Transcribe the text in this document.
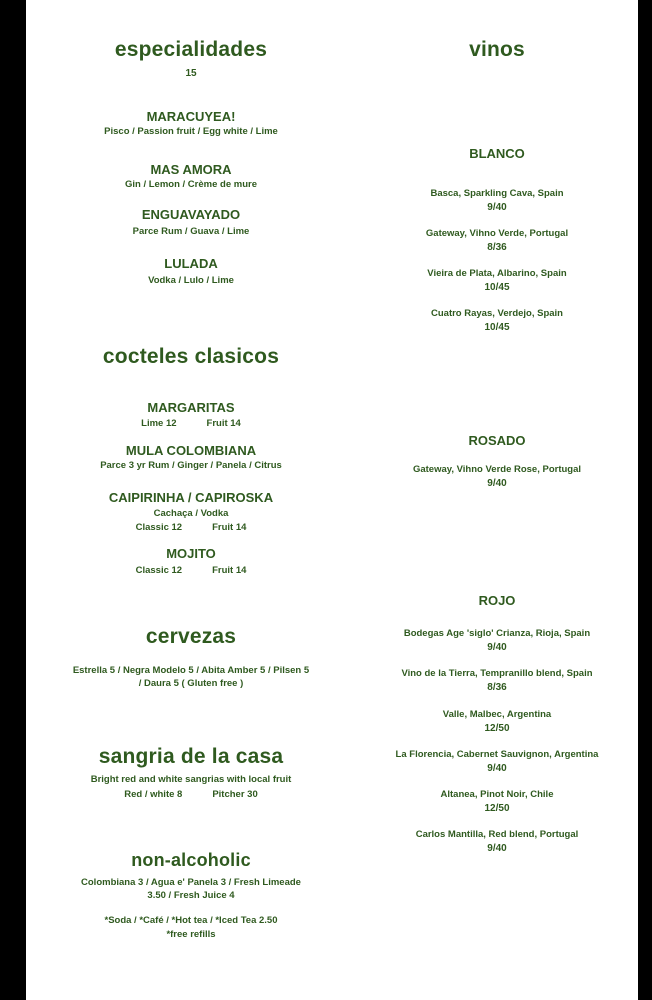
especialidades
15
MARACUYEA!
Pisco / Passion fruit / Egg white / Lime
MAS AMORA
Gin / Lemon / Crème de mure
ENGUAVAYADO
Parce Rum / Guava / Lime
LULADA
Vodka / Lulo / Lime
cocteles clasicos
MARGARITAS
Lime 12	Fruit 14
MULA COLOMBIANA
Parce 3 yr Rum / Ginger / Panela / Citrus
CAIPIRINHA / CAPIROSKA
Cachaça / Vodka
Classic 12	Fruit 14
MOJITO
Classic 12	Fruit 14
cervezas
Estrella 5 / Negra Modelo 5 / Abita Amber 5 / Pilsen 5
/ Daura 5 ( Gluten free )
sangria de la casa
Bright red and white sangrias with local fruit
Red / white 8	Pitcher 30
non-alcoholic
Colombiana 3 / Agua e' Panela 3 / Fresh Limeade
3.50 / Fresh Juice 4
*Soda / *Café / *Hot tea / *Iced Tea 2.50
*free refills
vinos
BLANCO
Basca, Sparkling Cava, Spain
9/40
Gateway, Vihno Verde, Portugal
8/36
Vieira de Plata, Albarino, Spain
10/45
Cuatro Rayas, Verdejo, Spain
10/45
ROSADO
Gateway, Vihno Verde Rose, Portugal
9/40
ROJO
Bodegas Age 'siglo' Crianza, Rioja, Spain
9/40
Vino de la Tierra, Tempranillo blend, Spain
8/36
Valle, Malbec, Argentina
12/50
La Florencia, Cabernet Sauvignon, Argentina
9/40
Altanea, Pinot Noir, Chile
12/50
Carlos Mantilla, Red blend, Portugal
9/40
